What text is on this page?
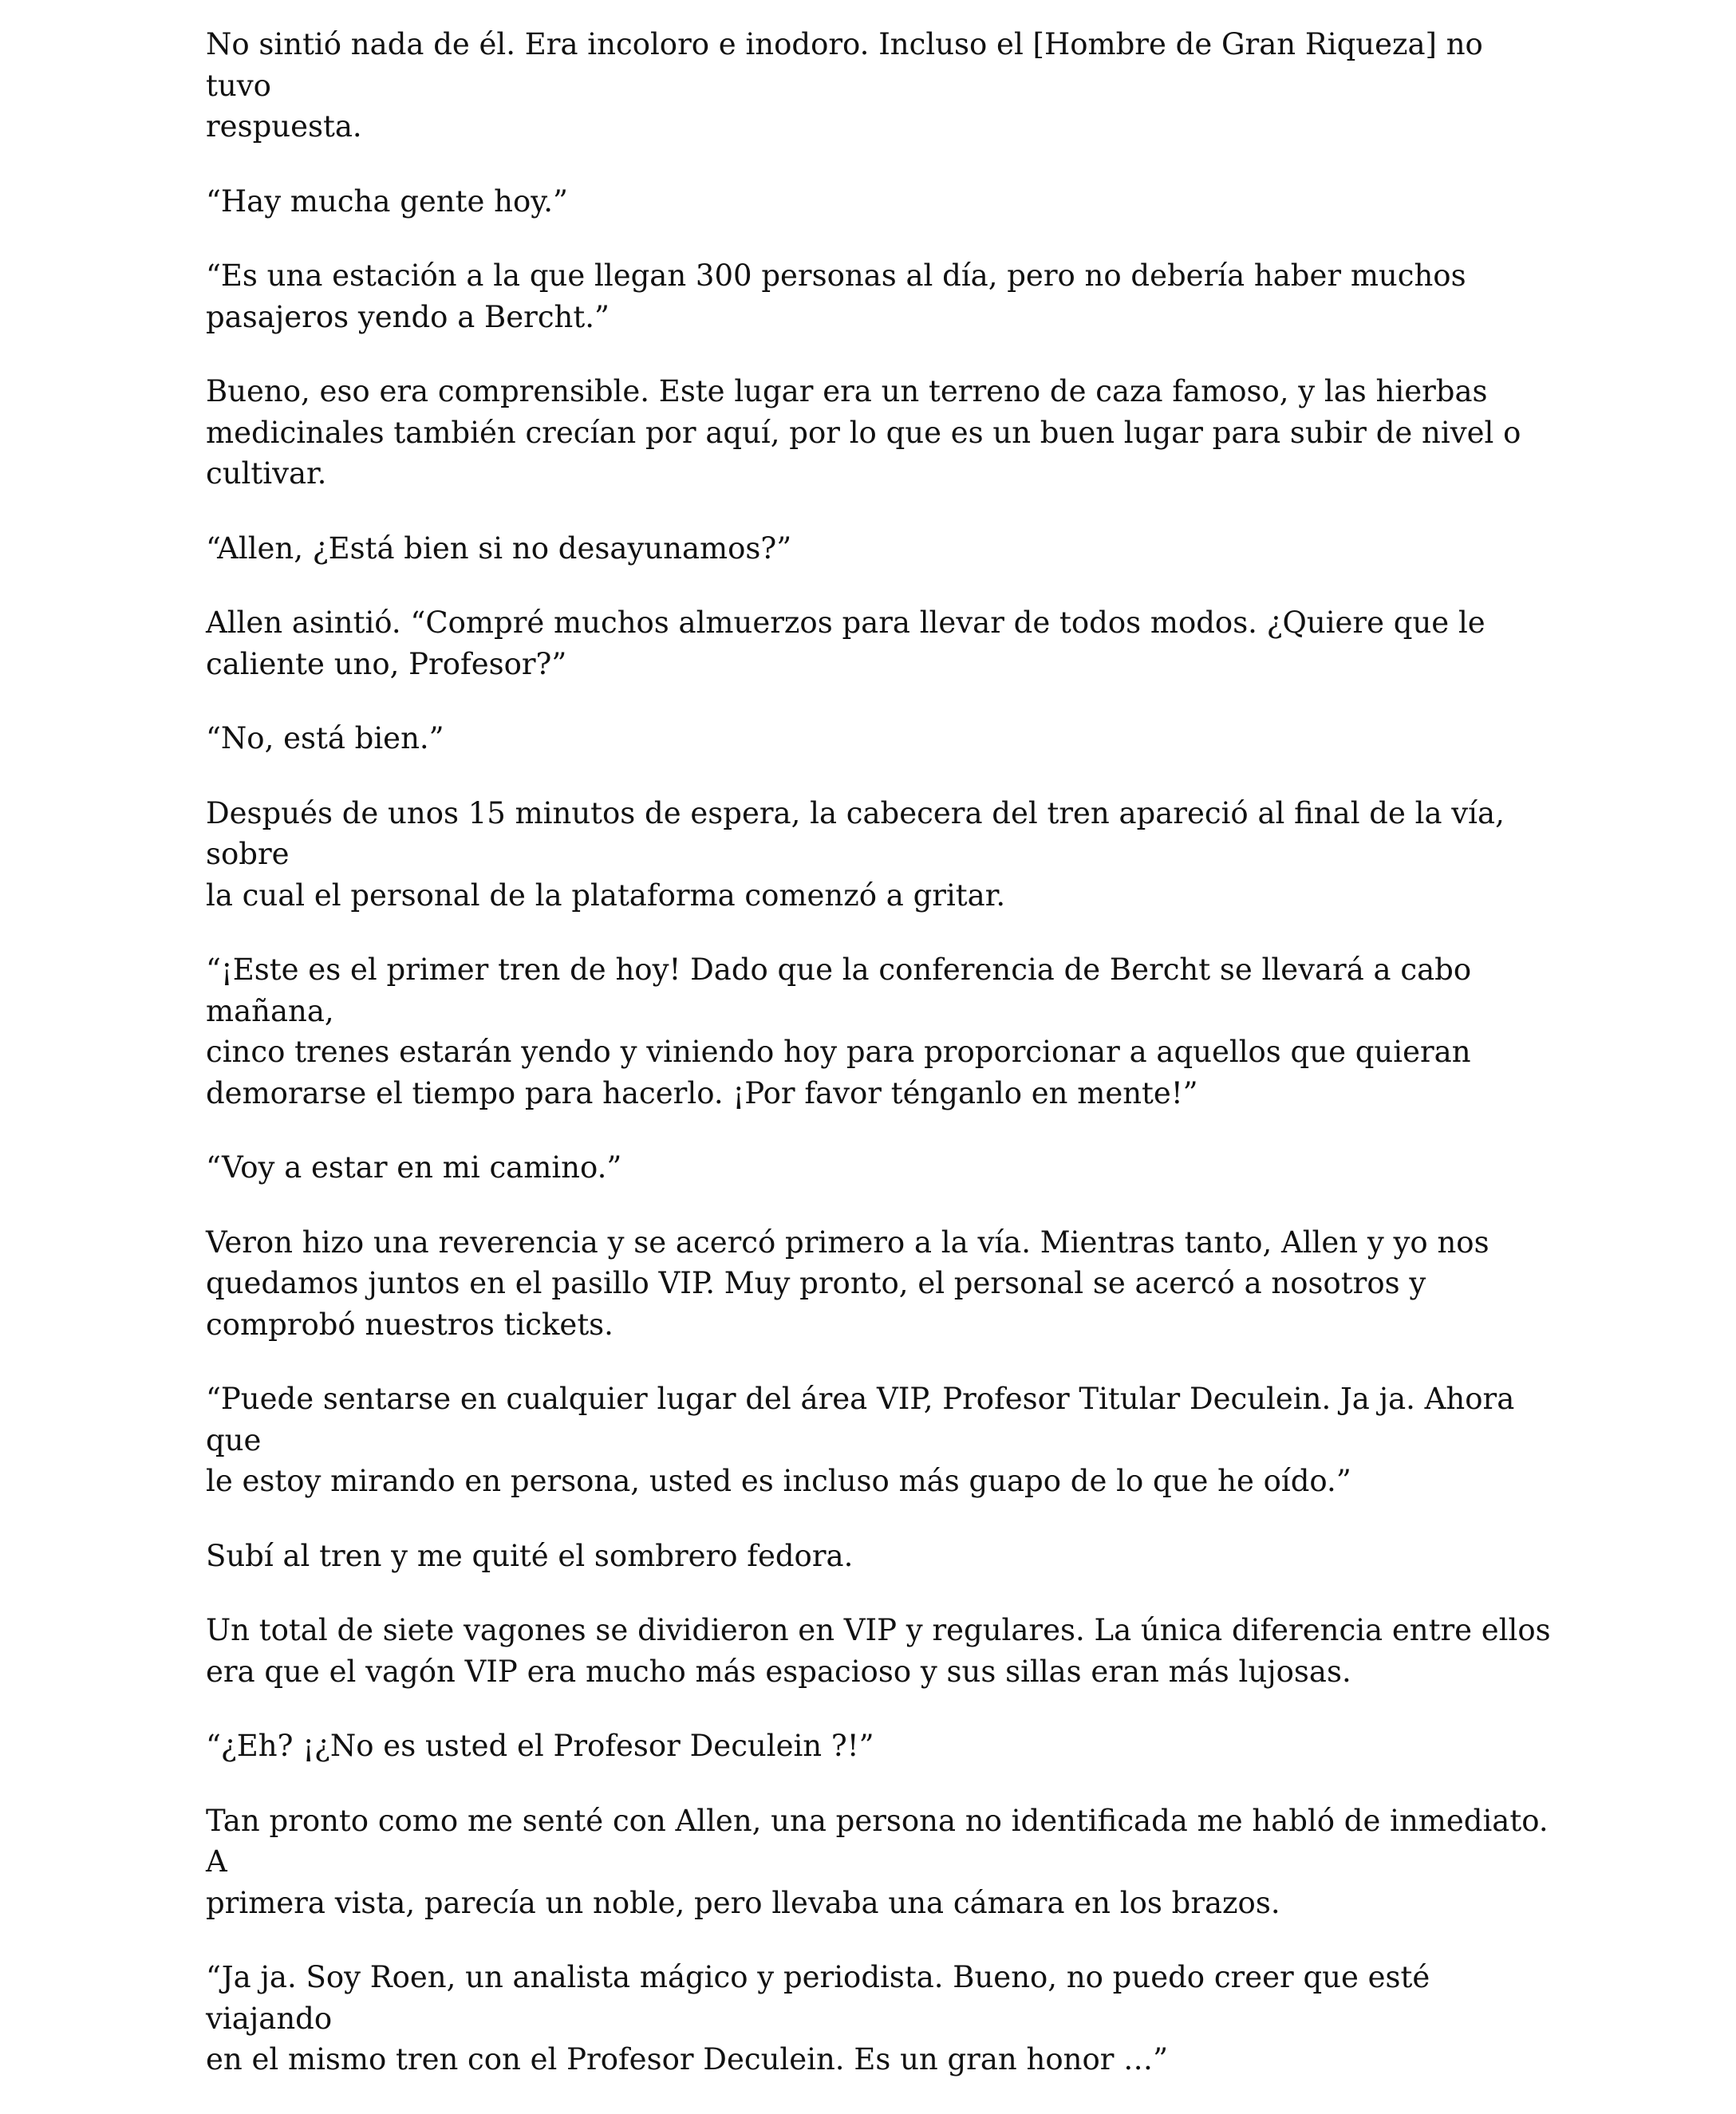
No sintió nada de él. Era incoloro e inodoro. Incluso el [Hombre de Gran Riqueza] no tuvo
respuesta.

“Hay mucha gente hoy.”

“Es una estación a la que llegan 300 personas al día, pero no debería haber muchos
pasajeros yendo a Bercht.”

Bueno, eso era comprensible. Este lugar era un terreno de caza famoso, y las hierbas
medicinales también crecían por aquí, por lo que es un buen lugar para subir de nivel o
cultivar.

“Allen, ¿Está bien si no desayunamos?”

Allen asintió. “Compré muchos almuerzos para llevar de todos modos. ¿Quiere que le
caliente uno, Profesor?”

“No, está bien.”

Después de unos 15 minutos de espera, la cabecera del tren apareció al final de la vía, sobre
la cual el personal de la plataforma comenzó a gritar.

“¡Este es el primer tren de hoy! Dado que la conferencia de Bercht se llevará a cabo mañana,
cinco trenes estarán yendo y viniendo hoy para proporcionar a aquellos que quieran
demorarse el tiempo para hacerlo. ¡Por favor ténganlo en mente!”

“Voy a estar en mi camino.”

Veron hizo una reverencia y se acercó primero a la vía. Mientras tanto, Allen y yo nos
quedamos juntos en el pasillo VIP. Muy pronto, el personal se acercó a nosotros y
comprobó nuestros tickets.

“Puede sentarse en cualquier lugar del área VIP, Profesor Titular Deculein. Ja ja. Ahora que
le estoy mirando en persona, usted es incluso más guapo de lo que he oído.”

Subí al tren y me quité el sombrero fedora.

Un total de siete vagones se dividieron en VIP y regulares. La única diferencia entre ellos
era que el vagón VIP era mucho más espacioso y sus sillas eran más lujosas.

“¿Eh? ¡¿No es usted el Profesor Deculein ?!”

Tan pronto como me senté con Allen, una persona no identificada me habló de inmediato. A
primera vista, parecía un noble, pero llevaba una cámara en los brazos.

“Ja ja. Soy Roen, un analista mágico y periodista. Bueno, no puedo creer que esté viajando
en el mismo tren con el Profesor Deculein. Es un gran honor …”
